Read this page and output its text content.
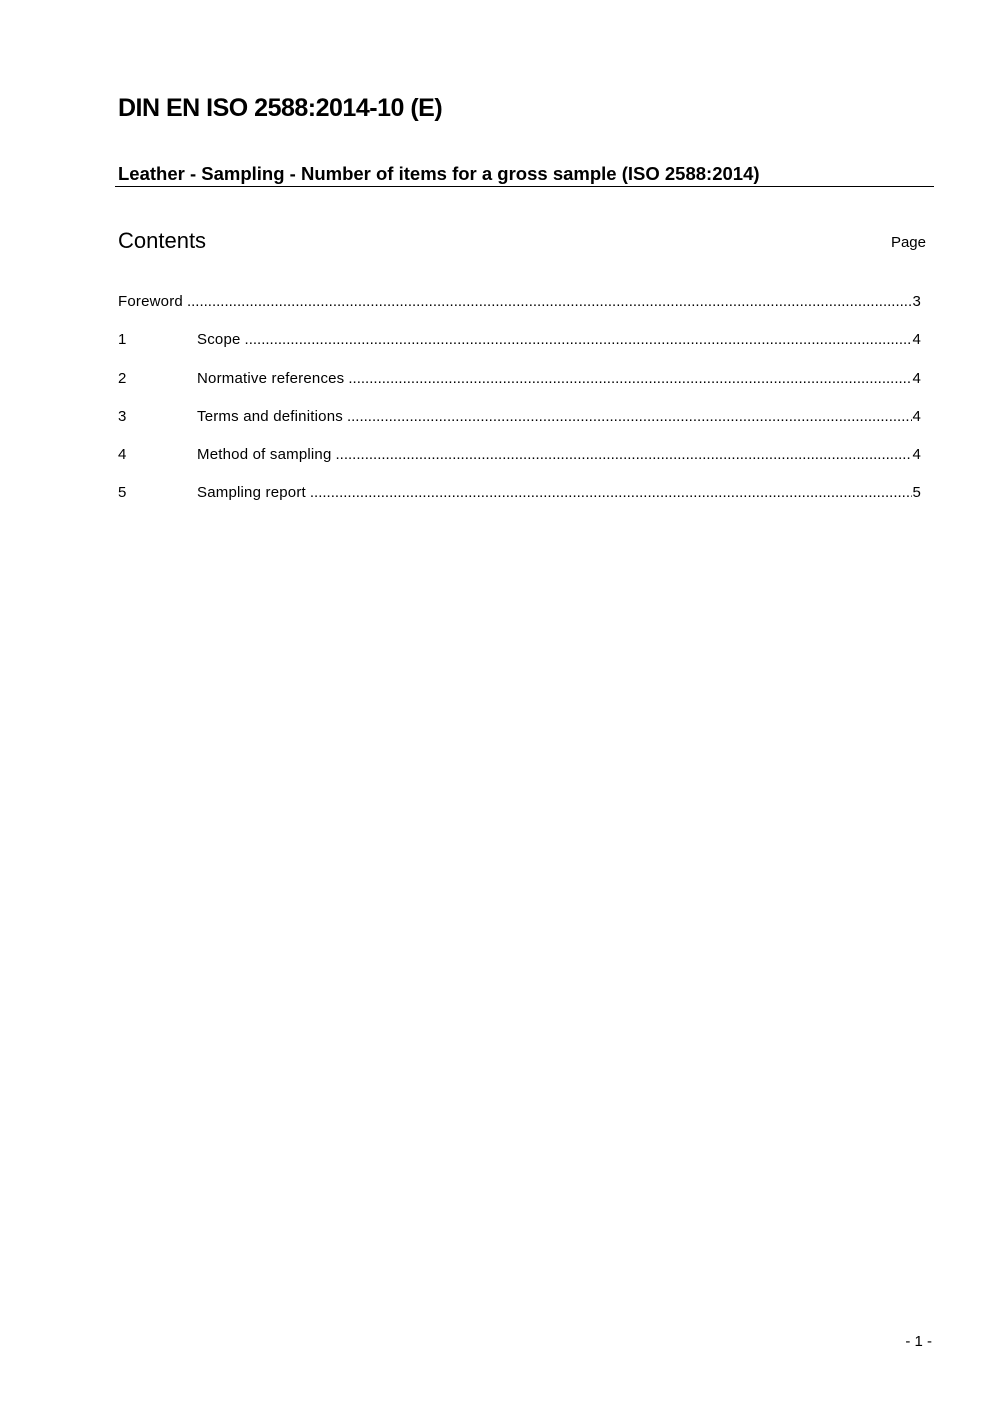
DIN EN ISO 2588:2014-10 (E)
Leather - Sampling - Number of items for a gross sample (ISO 2588:2014)
Contents	Page
Foreword .....	3
1	Scope .....	4
2	Normative references .....	4
3	Terms and definitions .....	4
4	Method of sampling .....	4
5	Sampling report .....	5
- 1 -
